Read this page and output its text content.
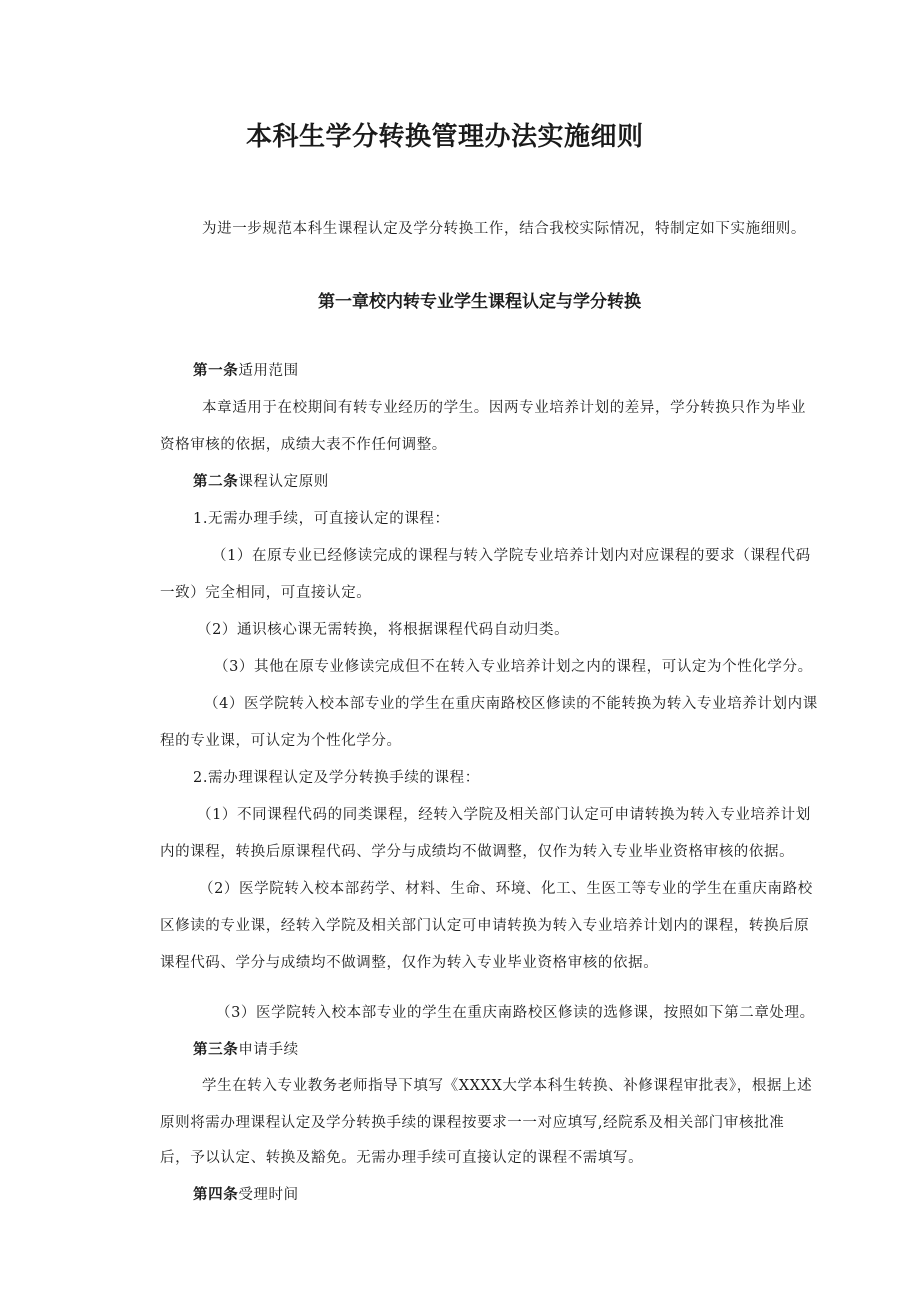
本科生学分转换管理办法实施细则
为进一步规范本科生课程认定及学分转换工作，结合我校实际情况，特制定如下实施细则。
第一章校内转专业学生课程认定与学分转换
第一条适用范围
本章适用于在校期间有转专业经历的学生。因两专业培养计划的差异，学分转换只作为毕业
资格审核的依据，成绩大表不作任何调整。
第二条课程认定原则
1.无需办理手续，可直接认定的课程：
（1）在原专业已经修读完成的课程与转入学院专业培养计划内对应课程的要求（课程代码
一致）完全相同，可直接认定。
（2）通识核心课无需转换，将根据课程代码自动归类。
（3）其他在原专业修读完成但不在转入专业培养计划之内的课程，可认定为个性化学分。
（4）医学院转入校本部专业的学生在重庆南路校区修读的不能转换为转入专业培养计划内课
程的专业课，可认定为个性化学分。
2.需办理课程认定及学分转换手续的课程：
（1）不同课程代码的同类课程，经转入学院及相关部门认定可申请转换为转入专业培养计划
内的课程，转换后原课程代码、学分与成绩均不做调整，仅作为转入专业毕业资格审核的依据。
（2）医学院转入校本部药学、材料、生命、环境、化工、生医工等专业的学生在重庆南路校
区修读的专业课，经转入学院及相关部门认定可申请转换为转入专业培养计划内的课程，转换后原
课程代码、学分与成绩均不做调整，仅作为转入专业毕业资格审核的依据。
（3）医学院转入校本部专业的学生在重庆南路校区修读的选修课，按照如下第二章处理。
第三条申请手续
学生在转入专业教务老师指导下填写《XXXX大学本科生转换、补修课程审批表》，根据上述
原则将需办理课程认定及学分转换手续的课程按要求一一对应填写,经院系及相关部门审核批准
后，予以认定、转换及豁免。无需办理手续可直接认定的课程不需填写。
第四条受理时间
